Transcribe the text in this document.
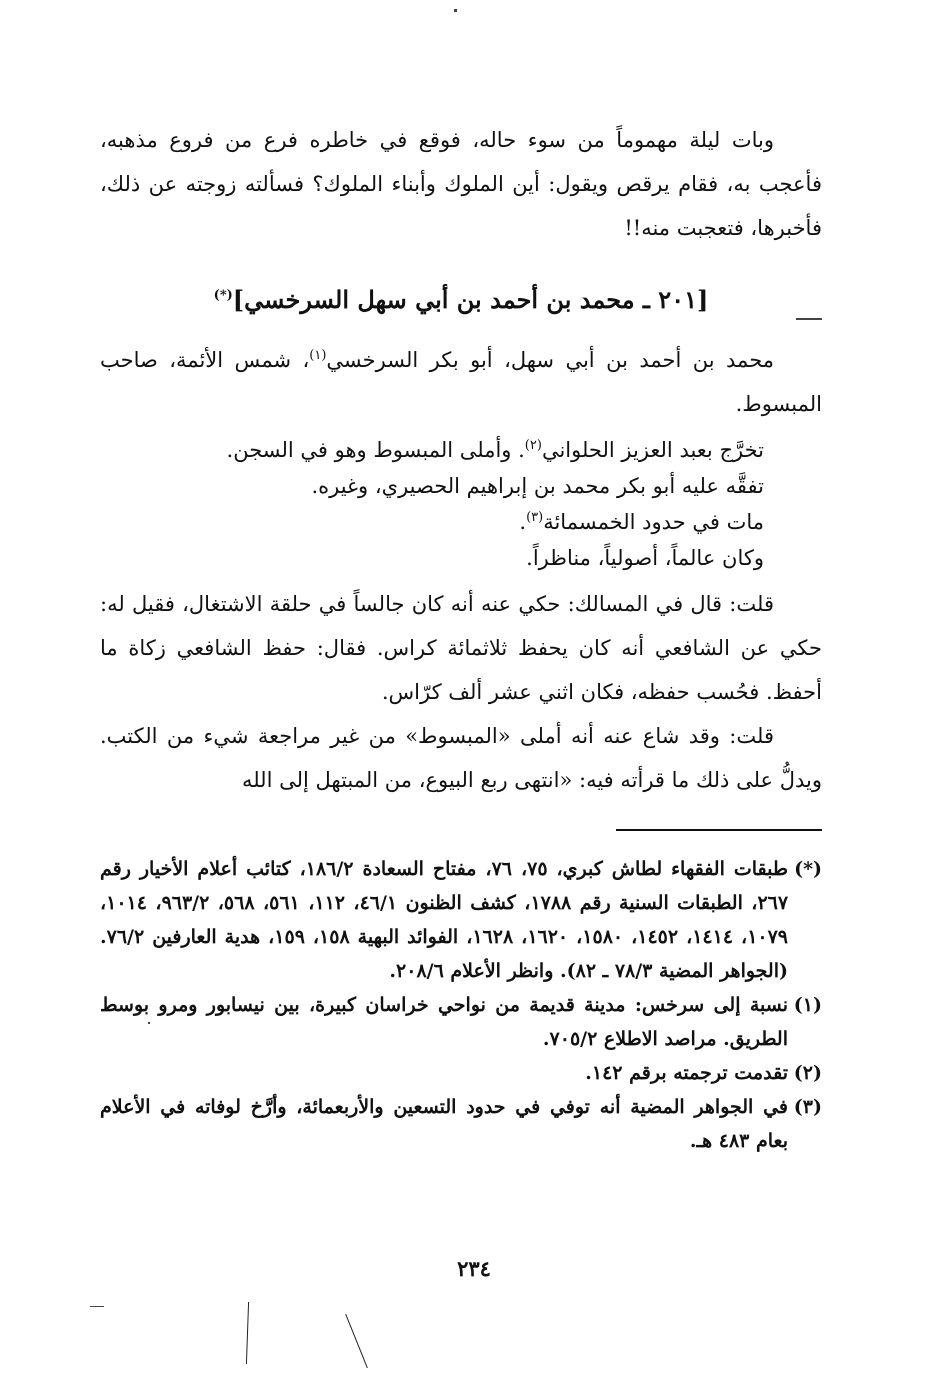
وبات ليلة مهموماً من سوء حاله، فوقع في خاطره فرع من فروع مذهبه، فأعجب به، فقام يرقص ويقول: أين الملوك وأبناء الملوك؟ فسألته زوجته عن ذلك، فأخبرها، فتعجبت منه!!

[٢٠١ ـ محمد بن أحمد بن أبي سهل السرخسي](*)

محمد بن أحمد بن أبي سهل، أبو بكر السرخسي$^{(١)}$، شمس الأئمة، صاحب المبسوط.

تخرَّج بعبد العزيز الحلواني$^{(٢)}$. وأملى المبسوط وهو في السجن.

تفقَّه عليه أبو بكر محمد بن إبراهيم الحصيري، وغيره.

مات في حدود الخمسمائة$^{(٣)}$.

وكان عالماً، أصولياً، مناظراً.

قلت: قال في المسالك: حكي عنه أنه كان جالساً في حلقة الاشتغال، فقيل له: حكي عن الشافعي أنه كان يحفظ ثلاثمائة كراس. فقال: حفظ الشافعي زكاة ما أحفظ. فحُسب حفظه، فكان اثني عشر ألف كرّاس.

قلت: وقد شاع عنه أنه أملى «المبسوط» من غير مراجعة شيء من الكتب. ويدلُّ على ذلك ما قرأته فيه: «انتهى ربع البيوع، من المبتهل إلى الله

(*)طبقات الفقهاء لطاش كبري، ٧٥، ٧٦، مفتاح السعادة ١٨٦/٢، كتائب أعلام الأخيار رقم ٢٦٧، الطبقات السنية رقم ١٧٨٨، كشف الظنون ٤٦/١، ١١٢، ٥٦١، ٥٦٨، ٩٦٣/٢، ١٠١٤، ١٠٧٩، ١٤١٤، ١٤٥٢، ١٥٨٠، ١٦٢٠، ١٦٢٨، الفوائد البهية ١٥٨، ١٥٩، هدية العارفين ٧٦/٢. (الجواهر المضية ٧٨/٣ ـ ٨٢). وانظر الأعلام ٢٠٨/٦.

(١)نسبة إلى سرخس: مدينة قديمة من نواحي خراسان كبيرة، بين نيسابور ومرو بوسط الطريق. مراصد الاطلاع ٧٠٥/٢.

(٢)تقدمت ترجمته برقم ١٤٢.

(٣)في الجواهر المضية أنه توفي في حدود التسعين والأربعمائة، وأرَّخ لوفاته في الأعلام بعام ٤٨٣ هـ.

٢٣٤
